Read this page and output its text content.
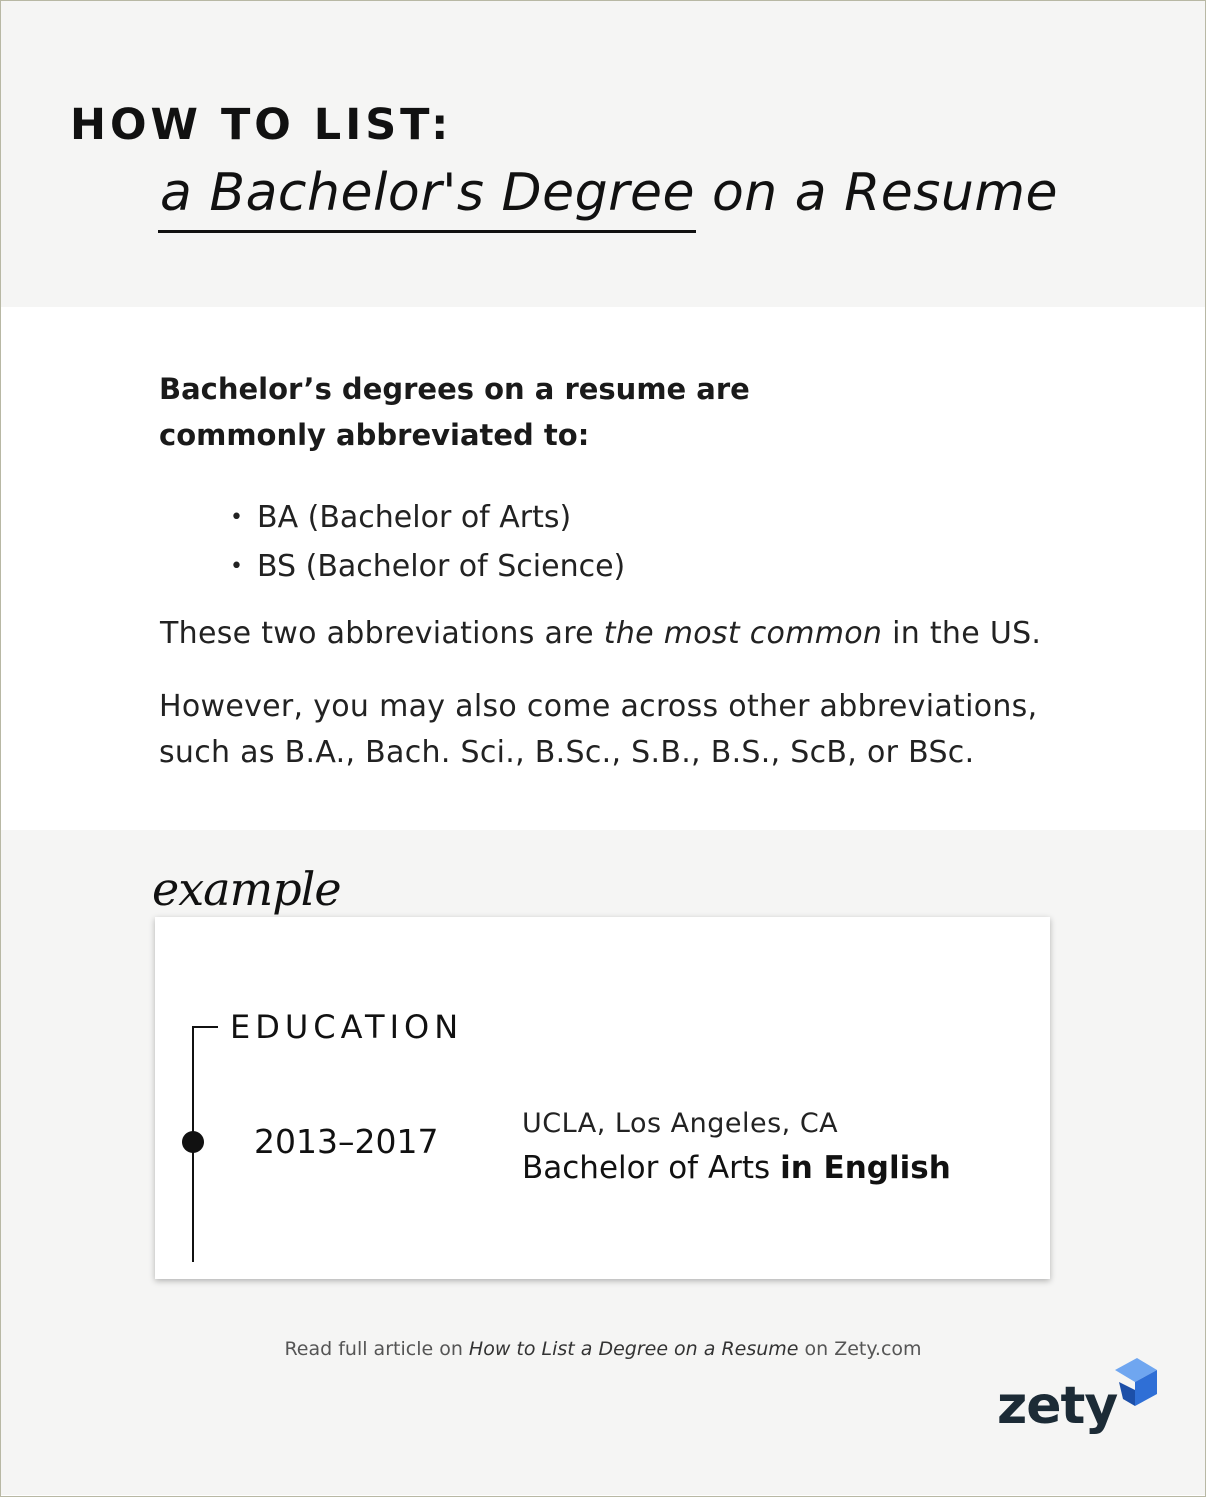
HOW TO LIST:
a Bachelor's Degree on a Resume
Bachelor’s degrees on a resume are
commonly abbreviated to:
• BA (Bachelor of Arts)
• BS (Bachelor of Science)
These two abbreviations are the most common in the US.
However, you may also come across other abbreviations,
such as B.A., Bach. Sci., B.Sc., S.B., B.S., ScB, or BSc.
example
EDUCATION
2013–2017	UCLA, Los Angeles, CA
Bachelor of Arts in English
Read full article on How to List a Degree on a Resume on Zety.com
zety
